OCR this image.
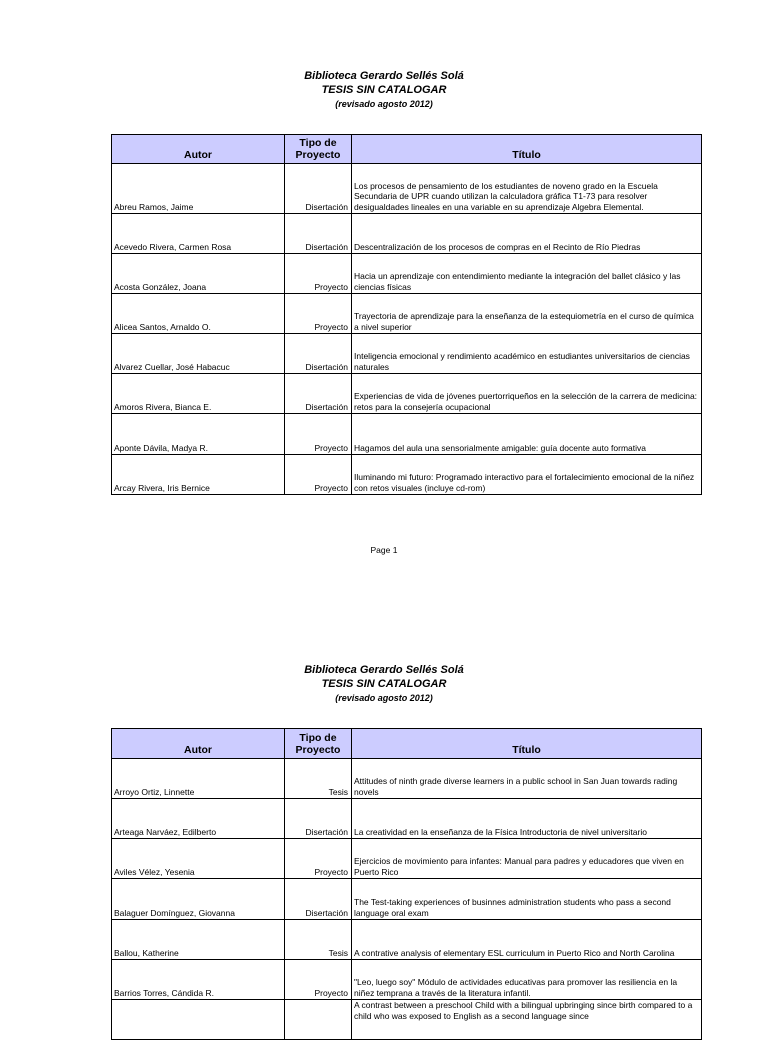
Biblioteca Gerardo Sellés Solá
TESIS SIN CATALOGAR
(revisado agosto 2012)
Autor	Tipo de Proyecto	Título
Abreu Ramos, Jaime	Disertación	Los procesos de pensamiento de los estudiantes de noveno grado en la Escuela Secundaria de UPR cuando utilizan la calculadora gráfica T1-73 para resolver desigualdades lineales en una variable en su aprendizaje Algebra Elemental.
Acevedo Rivera, Carmen Rosa	Disertación	Descentralización de los procesos de compras en el Recinto de Río Piedras
Acosta González, Joana	Proyecto	Hacia un aprendizaje con entendimiento mediante la integración del ballet clásico y las ciencias físicas
Alicea Santos, Arnaldo O.	Proyecto	Trayectoria de aprendizaje para la enseñanza de la estequiometría en el curso de química a nivel superior
Alvarez Cuellar, José Habacuc	Disertación	Inteligencia emocional y rendimiento académico en estudiantes universitarios de ciencias naturales
Amoros Rivera, Bianca E.	Disertación	Experiencias de vida de jóvenes puertorriqueños en la selección de la carrera de medicina: retos para la consejería ocupacional
Aponte Dávila, Madya R.	Proyecto	Hagamos del aula una sensorialmente amigable: guía docente auto formativa
Arcay Rivera, Iris Bernice	Proyecto	Iluminando mi futuro: Programado interactivo para el fortalecimiento emocional de la niñez con retos visuales (incluye cd-rom)
Page 1
Biblioteca Gerardo Sellés Solá
TESIS SIN CATALOGAR
(revisado agosto 2012)
Autor	Tipo de Proyecto	Título
Arroyo Ortiz, Linnette	Tesis	Attitudes of ninth grade diverse learners in a public school in San Juan towards rading novels
Arteaga Narváez, Edilberto	Disertación	La creatividad en la enseñanza de la Física Introductoria de nivel universitario
Aviles Vélez, Yesenia	Proyecto	Ejercicios de movimiento para infantes: Manual para padres y educadores que viven en Puerto Rico
Balaguer Domínguez, Giovanna	Disertación	The Test-taking experiences of businnes administration students who pass a second language oral exam
Ballou, Katherine	Tesis	A contrative analysis of elementary ESL curriculum in Puerto Rico and North Carolina
Barrios Torres, Cándida R.	Proyecto	"Leo, luego soy" Módulo de actividades educativas para promover las resiliencia en la niñez temprana a través de la literatura infantil.
		A contrast between a preschool Child with a bilingual upbringing since birth compared to a child who was exposed to English as a second language since
